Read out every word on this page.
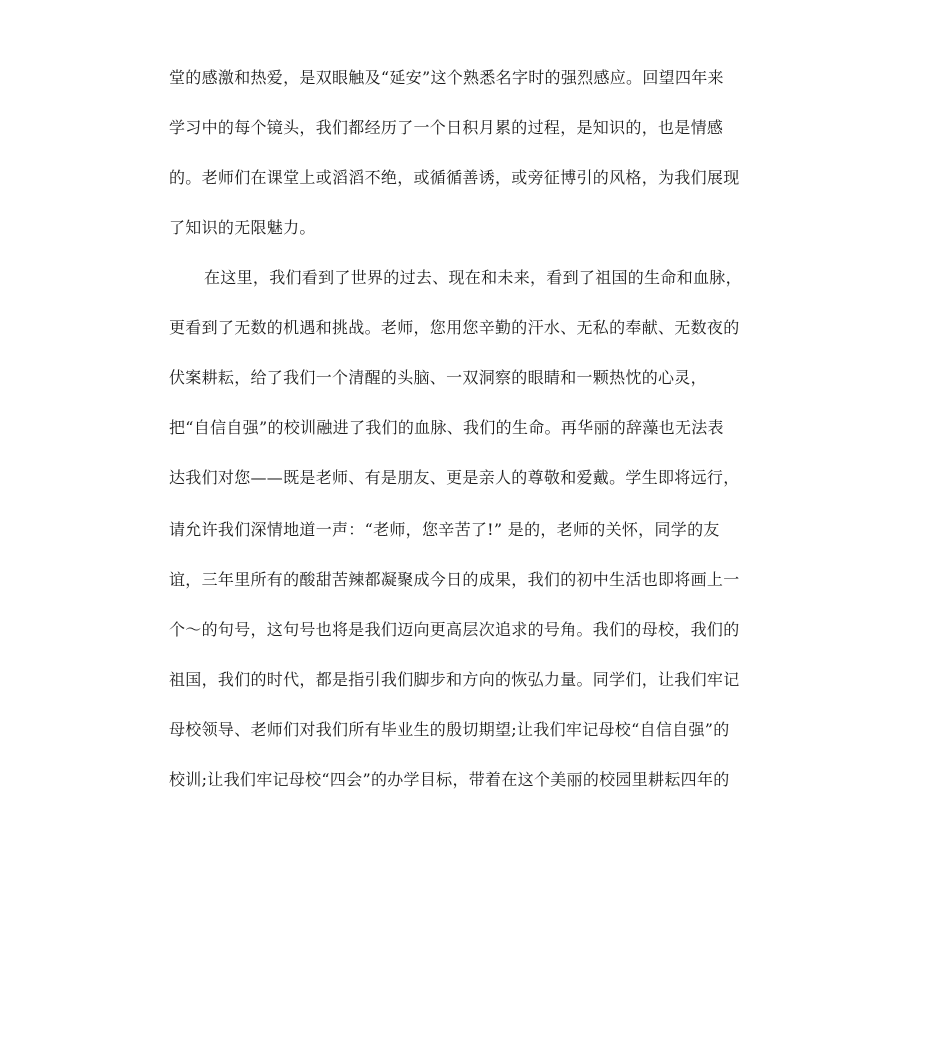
堂的感激和热爱，是双眼触及“延安”这个熟悉名字时的强烈感应。回望四年来
学习中的每个镜头，我们都经历了一个日积月累的过程，是知识的，也是情感
的。老师们在课堂上或滔滔不绝，或循循善诱，或旁征博引的风格，为我们展现
了知识的无限魅力。
在这里，我们看到了世界的过去、现在和未来，看到了祖国的生命和血脉，
更看到了无数的机遇和挑战。老师，您用您辛勤的汗水、无私的奉献、无数夜的
伏案耕耘，给了我们一个清醒的头脑、一双洞察的眼睛和一颗热忱的心灵，
把“自信自强”的校训融进了我们的血脉、我们的生命。再华丽的辞藻也无法表
达我们对您——既是老师、有是朋友、更是亲人的尊敬和爱戴。学生即将远行，
请允许我们深情地道一声：“老师，您辛苦了!” 是的，老师的关怀，同学的友
谊，三年里所有的酸甜苦辣都凝聚成今日的成果，我们的初中生活也即将画上一
个～的句号，这句号也将是我们迈向更高层次追求的号角。我们的母校，我们的
祖国，我们的时代，都是指引我们脚步和方向的恢弘力量。同学们，让我们牢记
母校领导、老师们对我们所有毕业生的殷切期望;让我们牢记母校“自信自强”的
校训;让我们牢记母校“四会”的办学目标，带着在这个美丽的校园里耕耘四年的
